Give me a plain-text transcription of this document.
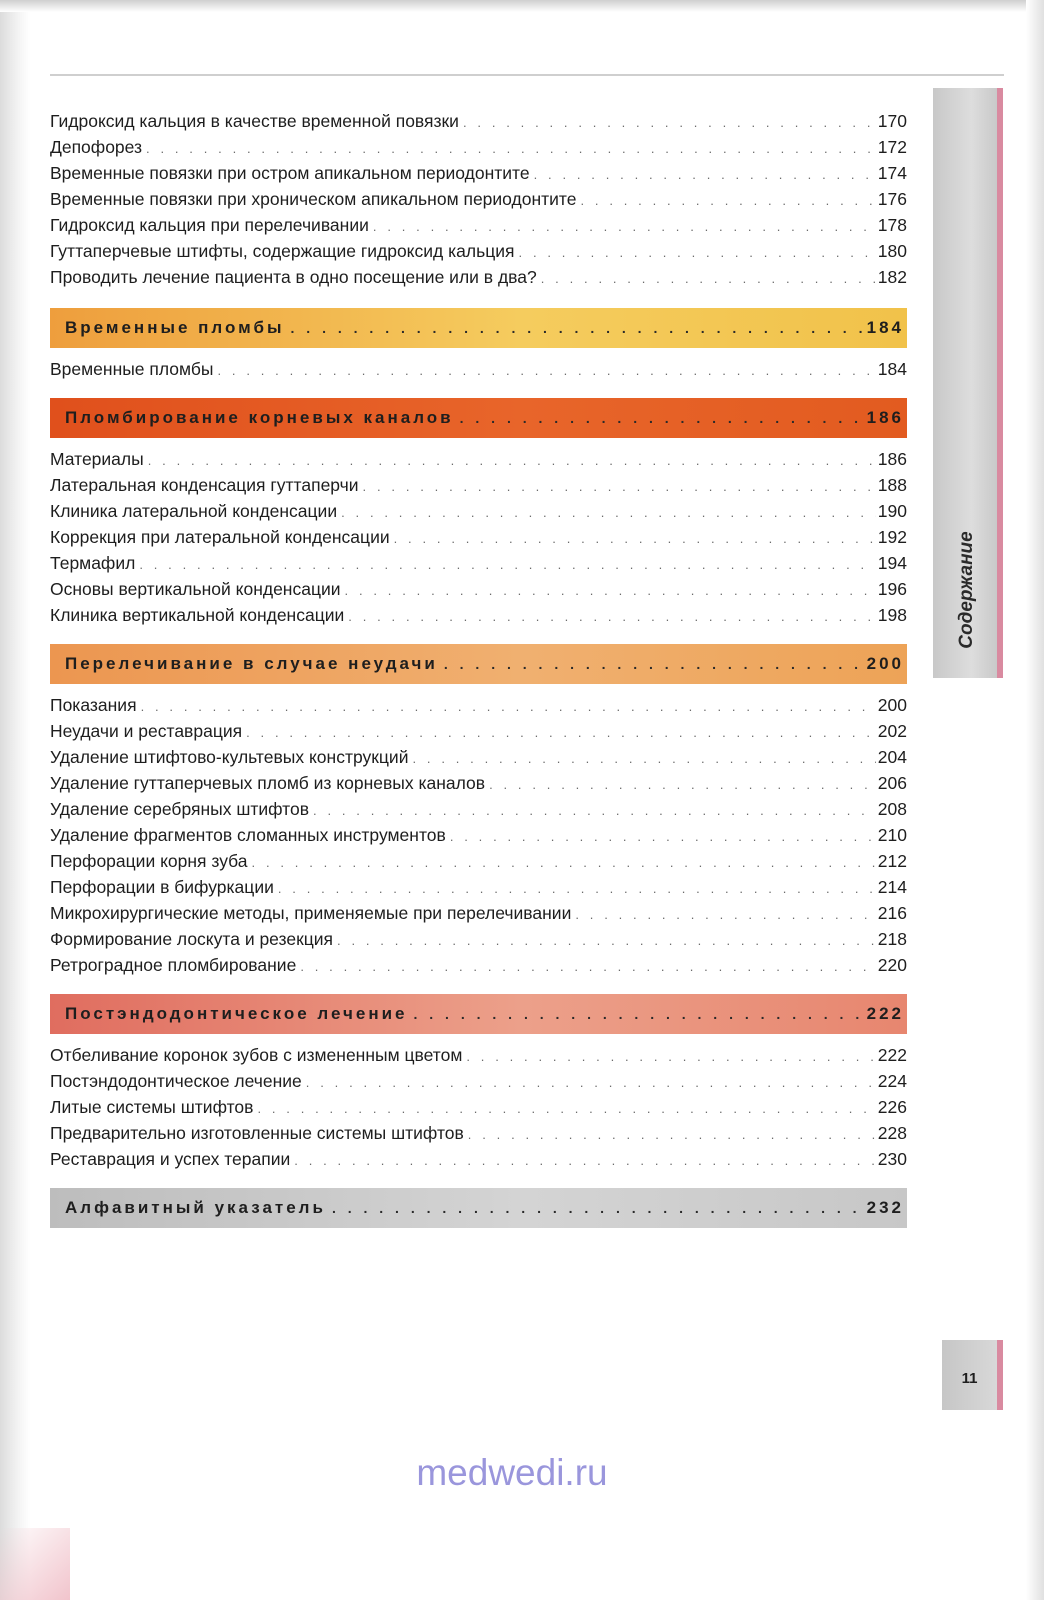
Гидроксид кальция в качестве временной повязки . . .	170
Депофорез . . .	172
Временные повязки при остром апикальном периодонтите . . .	174
Временные повязки при хроническом апикальном периодонтите . . .	176
Гидроксид кальция при перелечивании . . .	178
Гуттаперчевые штифты, содержащие гидроксид кальция . . .	180
Проводить лечение пациента в одно посещение или в два? . . .	182
Временные пломбы . . .	184
Временные пломбы . . .	184
Пломбирование корневых каналов . . .	186
Материалы . . .	186
Латеральная конденсация гуттаперчи . . .	188
Клиника латеральной конденсации . . .	190
Коррекция при латеральной конденсации . . .	192
Термафил . . .	194
Основы вертикальной конденсации . . .	196
Клиника вертикальной конденсации . . .	198
Перелечивание в случае неудачи . . .	200
Показания . . .	200
Неудачи и реставрация . . .	202
Удаление штифтово-культевых конструкций . . .	204
Удаление гуттаперчевых пломб из корневых каналов . . .	206
Удаление серебряных штифтов . . .	208
Удаление фрагментов сломанных инструментов . . .	210
Перфорации корня зуба . . .	212
Перфорации в бифуркации . . .	214
Микрохирургические методы, применяемые при перелечивании . . .	216
Формирование лоскута и резекция . . .	218
Ретроградное пломбирование . . .	220
Постэндодонтическое лечение . . .	222
Отбеливание коронок зубов с измененным цветом . . .	222
Постэндодонтическое лечение . . .	224
Литые системы штифтов . . .	226
Предварительно изготовленные системы штифтов . . .	228
Реставрация и успех терапии . . .	230
Алфавитный указатель . . .	232
Содержание
11
medwedi.ru
